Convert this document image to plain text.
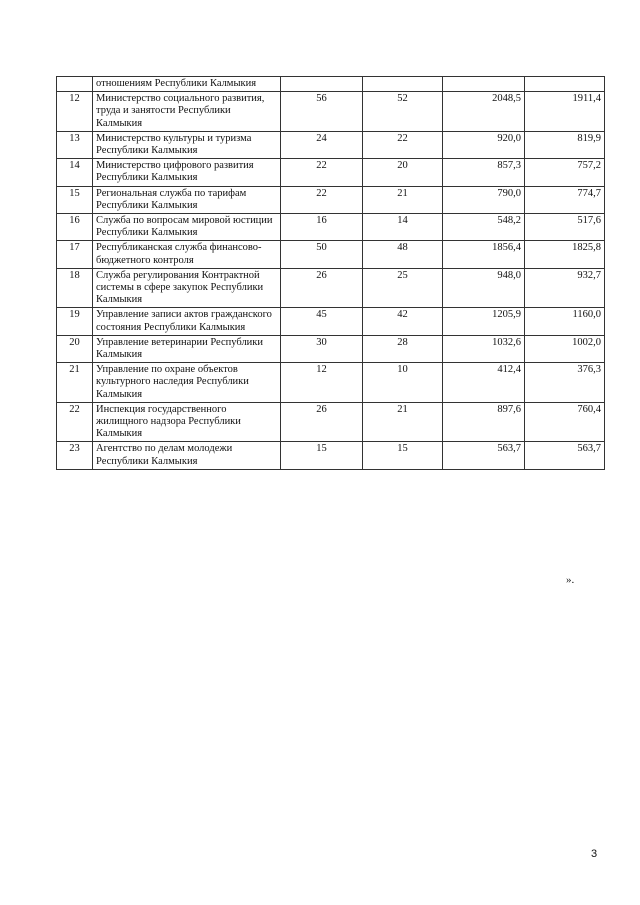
	отношениям Республики Калмыкия				
12	Министерство социального развития, труда и занятости Республики Калмыкия	56	52	2048,5	1911,4
13	Министерство культуры и туризма Республики Калмыкия	24	22	920,0	819,9
14	Министерство цифрового развития Республики Калмыкия	22	20	857,3	757,2
15	Региональная служба по тарифам Республики Калмыкия	22	21	790,0	774,7
16	Служба по вопросам мировой юстиции Республики Калмыкия	16	14	548,2	517,6
17	Республиканская служба финансово-бюджетного контроля	50	48	1856,4	1825,8
18	Служба регулирования Контрактной системы в сфере закупок Республики Калмыкия	26	25	948,0	932,7
19	Управление записи актов гражданского состояния Республики Калмыкия	45	42	1205,9	1160,0
20	Управление ветеринарии Республики Калмыкия	30	28	1032,6	1002,0
21	Управление по охране объектов культурного наследия Республики Калмыкия	12	10	412,4	376,3
22	Инспекция государственного жилищного надзора Республики Калмыкия	26	21	897,6	760,4
23	Агентство по делам молодежи Республики Калмыкия	15	15	563,7	563,7
».
3
